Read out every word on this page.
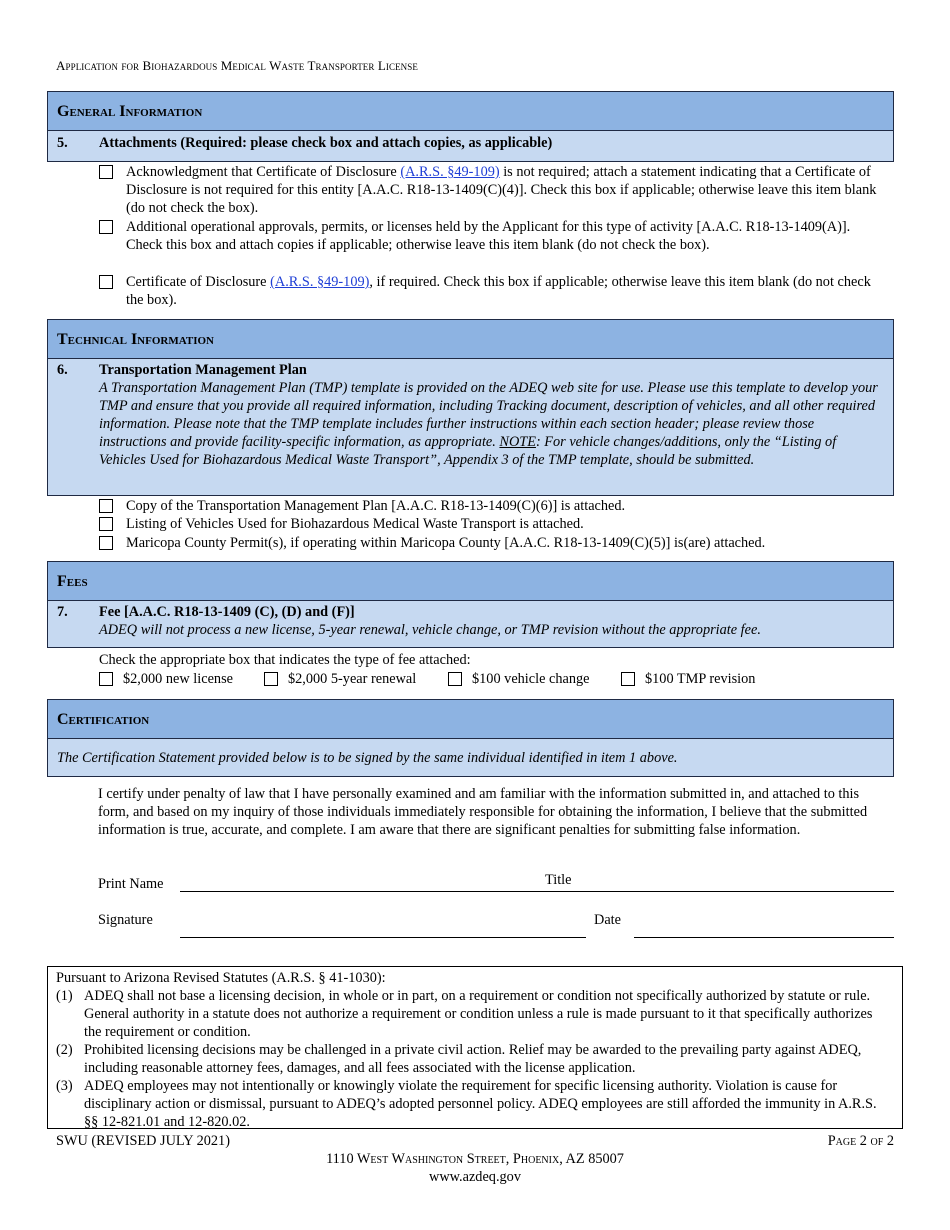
Application for Biohazardous Medical Waste Transporter License
General Information
5. Attachments (Required: please check box and attach copies, as applicable)
Acknowledgment that Certificate of Disclosure (A.R.S. §49-109) is not required; attach a statement indicating that a Certificate of Disclosure is not required for this entity [A.A.C. R18-13-1409(C)(4)]. Check this box if applicable; otherwise leave this item blank (do not check the box).
Additional operational approvals, permits, or licenses held by the Applicant for this type of activity [A.A.C. R18-13-1409(A)]. Check this box and attach copies if applicable; otherwise leave this item blank (do not check the box).
Certificate of Disclosure (A.R.S. §49-109), if required. Check this box if applicable; otherwise leave this item blank (do not check the box).
Technical Information
6. Transportation Management Plan
A Transportation Management Plan (TMP) template is provided on the ADEQ web site for use. Please use this template to develop your TMP and ensure that you provide all required information, including Tracking document, description of vehicles, and all other required information. Please note that the TMP template includes further instructions within each section header; please review those instructions and provide facility-specific information, as appropriate. NOTE: For vehicle changes/additions, only the “Listing of Vehicles Used for Biohazardous Medical Waste Transport”, Appendix 3 of the TMP template, should be submitted.
Copy of the Transportation Management Plan [A.A.C. R18-13-1409(C)(6)] is attached.
Listing of Vehicles Used for Biohazardous Medical Waste Transport is attached.
Maricopa County Permit(s), if operating within Maricopa County [A.A.C. R18-13-1409(C)(5)] is(are) attached.
Fees
7. Fee [A.A.C. R18-13-1409 (C), (D) and (F)]
ADEQ will not process a new license, 5-year renewal, vehicle change, or TMP revision without the appropriate fee.
Check the appropriate box that indicates the type of fee attached:
$2,000 new license	$2,000 5-year renewal	$100 vehicle change	$100 TMP revision
Certification
The Certification Statement provided below is to be signed by the same individual identified in item 1 above.
I certify under penalty of law that I have personally examined and am familiar with the information submitted in, and attached to this form, and based on my inquiry of those individuals immediately responsible for obtaining the information, I believe that the submitted information is true, accurate, and complete. I am aware that there are significant penalties for submitting false information.
Print Name	Title
Signature	Date
Pursuant to Arizona Revised Statutes (A.R.S. § 41-1030):
(1) ADEQ shall not base a licensing decision, in whole or in part, on a requirement or condition not specifically authorized by statute or rule. General authority in a statute does not authorize a requirement or condition unless a rule is made pursuant to it that specifically authorizes the requirement or condition.
(2) Prohibited licensing decisions may be challenged in a private civil action. Relief may be awarded to the prevailing party against ADEQ, including reasonable attorney fees, damages, and all fees associated with the license application.
(3) ADEQ employees may not intentionally or knowingly violate the requirement for specific licensing authority. Violation is cause for disciplinary action or dismissal, pursuant to ADEQ’s adopted personnel policy. ADEQ employees are still afforded the immunity in A.R.S. §§ 12-821.01 and 12-820.02.
SWU (REVISED JULY 2021)	Page 2 of 2
1110 West Washington Street, Phoenix, AZ 85007
www.azdeq.gov
